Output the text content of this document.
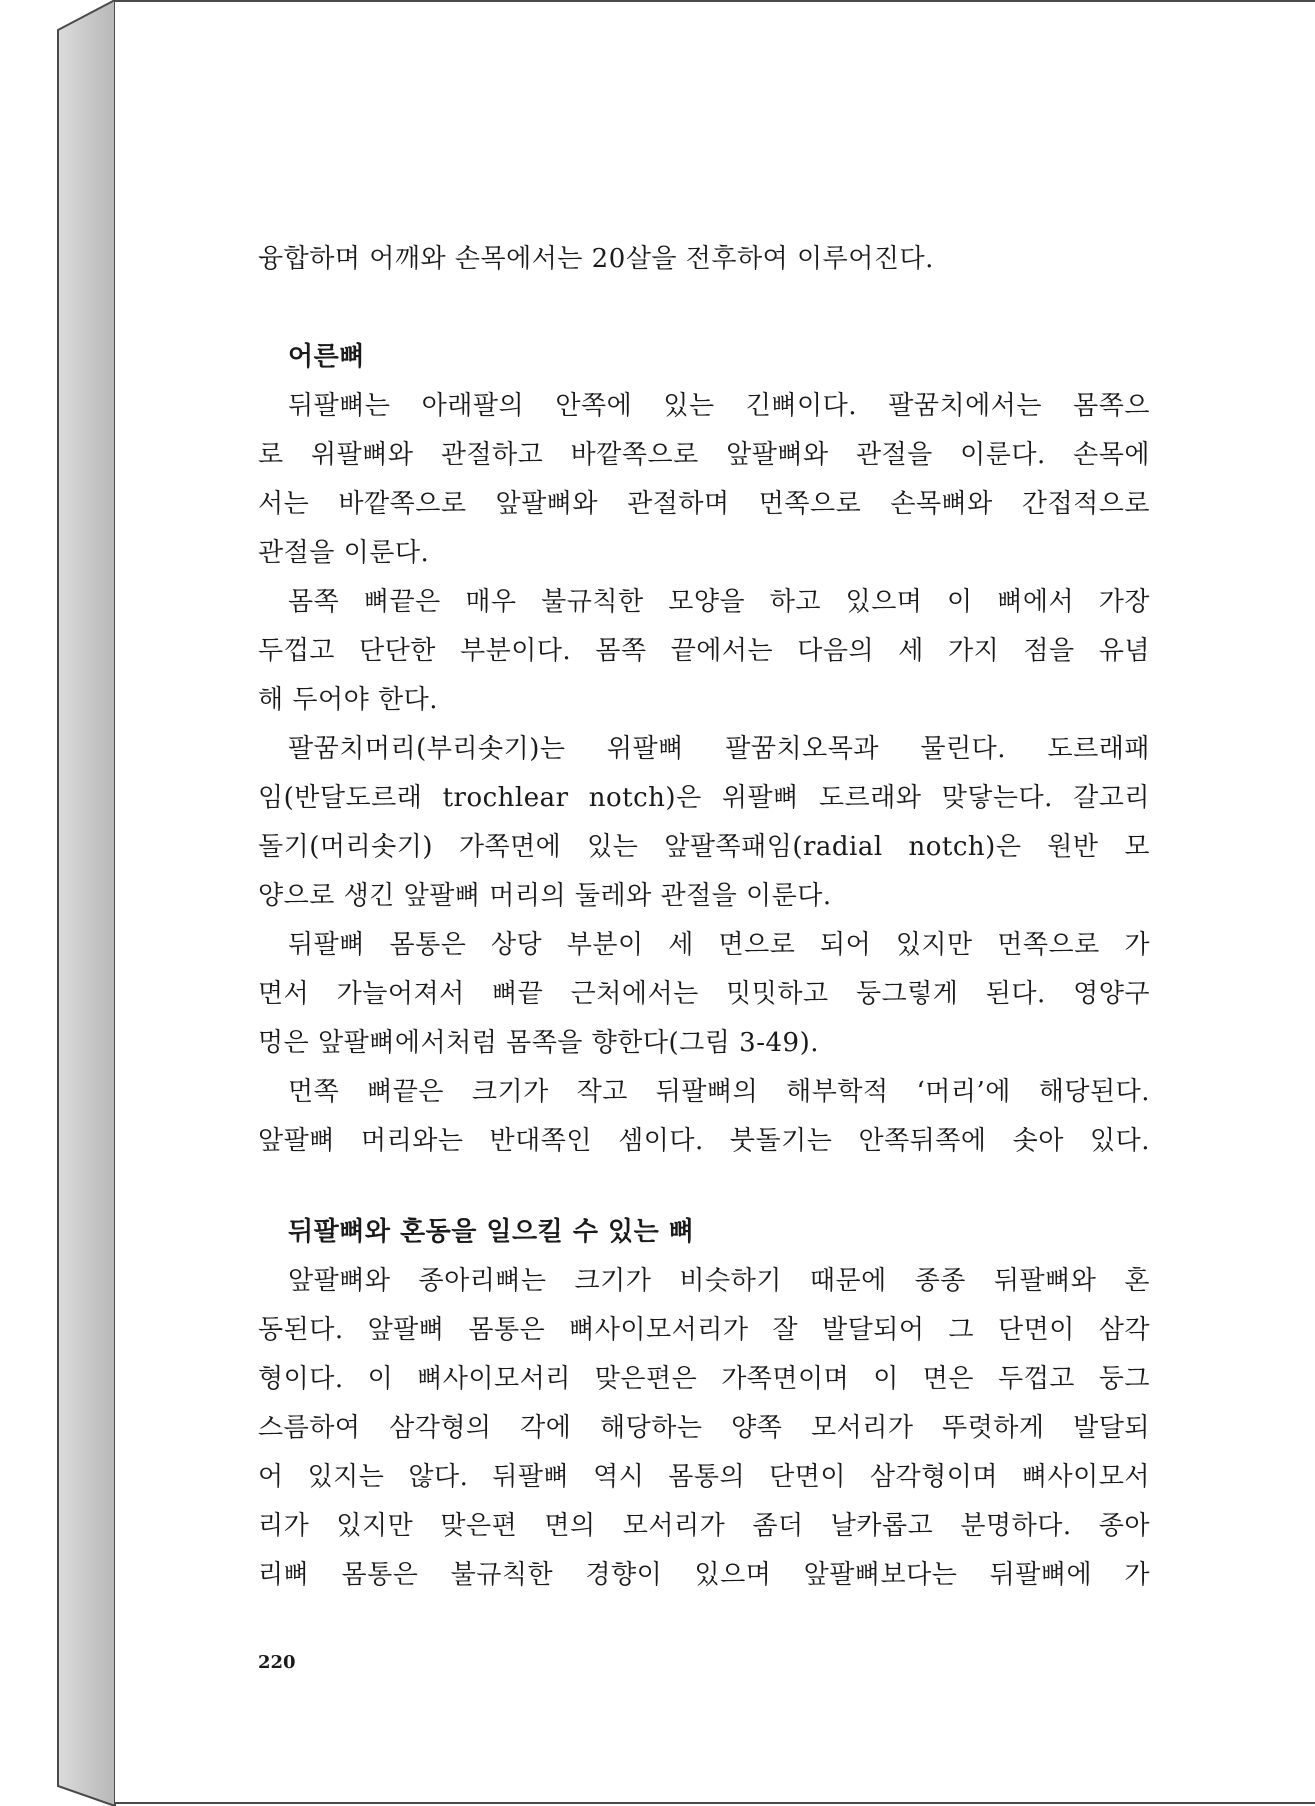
융합하며 어깨와 손목에서는 20살을 전후하여 이루어진다.
어른뼈
뒤팔뼈는 아래팔의 안쪽에 있는 긴뼈이다. 팔꿈치에서는 몸쪽으
로 위팔뼈와 관절하고 바깥쪽으로 앞팔뼈와 관절을 이룬다. 손목에
서는 바깥쪽으로 앞팔뼈와 관절하며 먼쪽으로 손목뼈와 간접적으로
관절을 이룬다.
몸쪽 뼈끝은 매우 불규칙한 모양을 하고 있으며 이 뼈에서 가장
두껍고 단단한 부분이다. 몸쪽 끝에서는 다음의 세 가지 점을 유념
해 두어야 한다.
팔꿈치머리(부리솟기)는 위팔뼈 팔꿈치오목과 물린다. 도르래패
임(반달도르래 trochlear notch)은 위팔뼈 도르래와 맞닿는다. 갈고리
돌기(머리솟기) 가쪽면에 있는 앞팔쪽패임(radial notch)은 원반 모
양으로 생긴 앞팔뼈 머리의 둘레와 관절을 이룬다.
뒤팔뼈 몸통은 상당 부분이 세 면으로 되어 있지만 먼쪽으로 가
면서 가늘어져서 뼈끝 근처에서는 밋밋하고 둥그렇게 된다. 영양구
멍은 앞팔뼈에서처럼 몸쪽을 향한다(그림 3-49).
먼쪽 뼈끝은 크기가 작고 뒤팔뼈의 해부학적 ‘머리’에 해당된다.
앞팔뼈 머리와는 반대쪽인 셈이다. 붓돌기는 안쪽뒤쪽에 솟아 있다.
뒤팔뼈와 혼동을 일으킬 수 있는 뼈
앞팔뼈와 종아리뼈는 크기가 비슷하기 때문에 종종 뒤팔뼈와 혼
동된다. 앞팔뼈 몸통은 뼈사이모서리가 잘 발달되어 그 단면이 삼각
형이다. 이 뼈사이모서리 맞은편은 가쪽면이며 이 면은 두껍고 둥그
스름하여 삼각형의 각에 해당하는 양쪽 모서리가 뚜렷하게 발달되
어 있지는 않다. 뒤팔뼈 역시 몸통의 단면이 삼각형이며 뼈사이모서
리가 있지만 맞은편 면의 모서리가 좀더 날카롭고 분명하다. 종아
리뼈 몸통은 불규칙한 경향이 있으며 앞팔뼈보다는 뒤팔뼈에 가
220
